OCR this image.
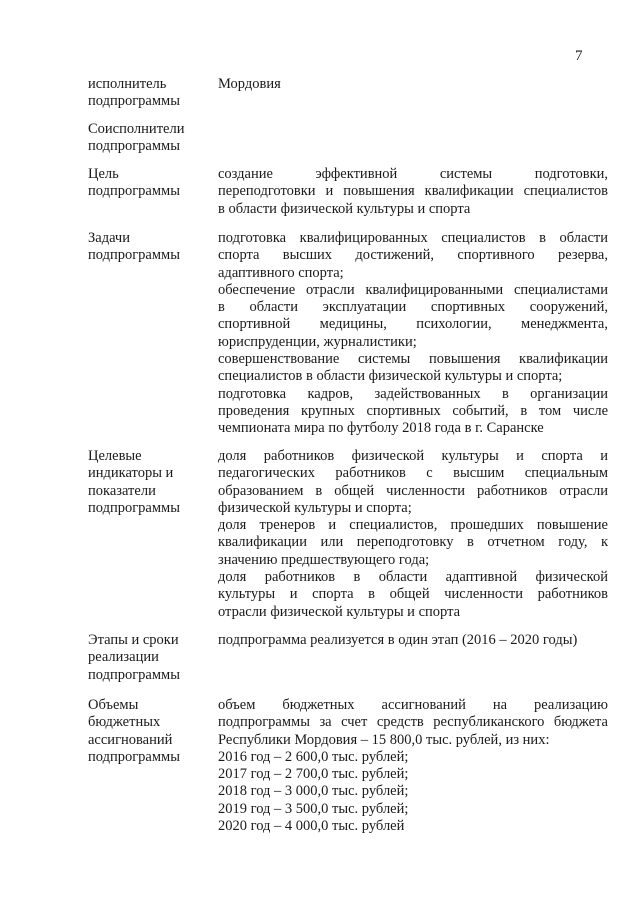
7
исполнитель
подпрограммы
Мордовия
Соисполнители
подпрограммы
Цель
подпрограммы
создание эффективной системы подготовки,
переподготовки и повышения квалификации специалистов
в области физической культуры и спорта
Задачи
подпрограммы
подготовка квалифицированных специалистов в области
спорта высших достижений, спортивного резерва,
адаптивного спорта;
обеспечение отрасли квалифицированными специалистами
в области эксплуатации спортивных сооружений,
спортивной медицины, психологии, менеджмента,
юриспруденции, журналистики;
совершенствование системы повышения квалификации
специалистов в области физической культуры и спорта;
подготовка кадров, задействованных в организации
проведения крупных спортивных событий, в том числе
чемпионата мира по футболу 2018 года в г. Саранске
Целевые
индикаторы и
показатели
подпрограммы
доля работников физической культуры и спорта и
педагогических работников с высшим специальным
образованием в общей численности работников отрасли
физической культуры и спорта;
доля тренеров и специалистов, прошедших повышение
квалификации или переподготовку в отчетном году, к
значению предшествующего года;
доля работников в области адаптивной физической
культуры и спорта в общей численности работников
отрасли физической культуры и спорта
Этапы и сроки
реализации
подпрограммы
подпрограмма реализуется в один этап (2016 – 2020 годы)
Объемы
бюджетных
ассигнований
подпрограммы
объем бюджетных ассигнований на реализацию
подпрограммы за счет средств республиканского бюджета
Республики Мордовия – 15 800,0 тыс. рублей, из них:
2016 год – 2 600,0 тыс. рублей;
2017 год – 2 700,0 тыс. рублей;
2018 год – 3 000,0 тыс. рублей;
2019 год – 3 500,0 тыс. рублей;
2020 год – 4 000,0 тыс. рублей
